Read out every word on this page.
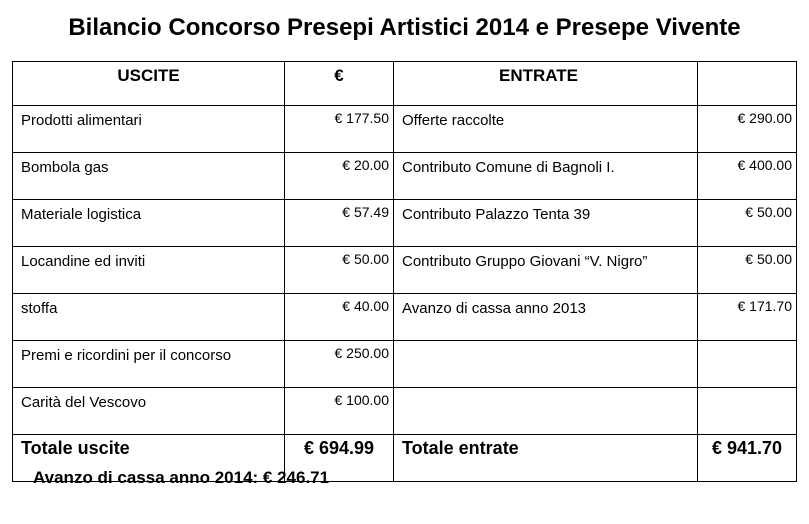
Bilancio Concorso Presepi Artistici 2014 e Presepe Vivente
USCITE	€	ENTRATE	
Prodotti alimentari	€ 177.50	Offerte raccolte	€ 290.00
Bombola gas	€ 20.00	Contributo Comune di Bagnoli I.	€ 400.00
Materiale logistica	€ 57.49	Contributo Palazzo Tenta 39	€ 50.00
Locandine ed inviti	€ 50.00	Contributo Gruppo Giovani “V. Nigro”	€ 50.00
stoffa	€ 40.00	Avanzo di cassa anno 2013	€ 171.70
Premi e ricordini per il concorso	€ 250.00		
Carità del Vescovo	€ 100.00		
Totale uscite	€ 694.99	Totale entrate	€ 941.70
Avanzo di cassa anno 2014: € 246.71
